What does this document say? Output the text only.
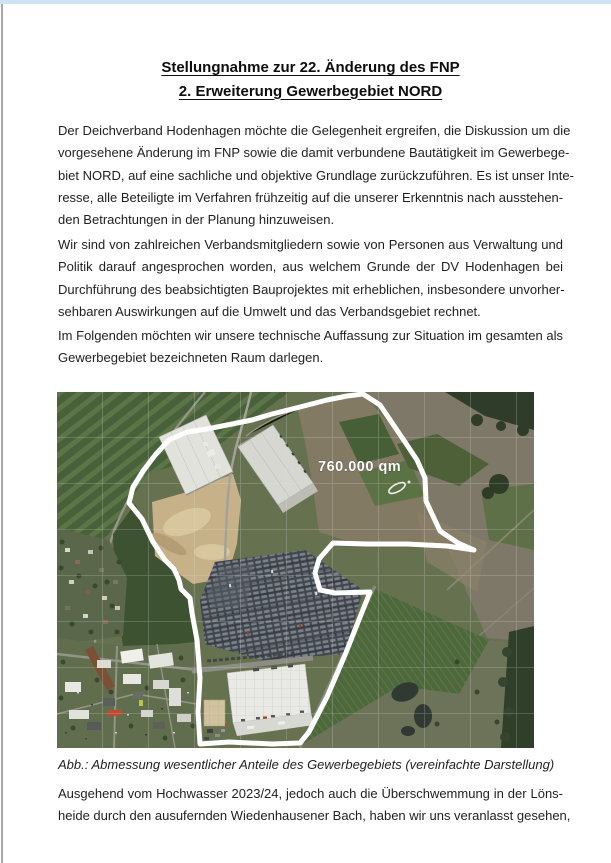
Stellungnahme zur 22. Änderung des FNP
2. Erweiterung Gewerbegebiet NORD
Der Deichverband Hodenhagen möchte die Gelegenheit ergreifen, die Diskussion um die
vorgesehene Änderung im FNP sowie die damit verbundene Bautätigkeit im Gewerbege-
biet NORD, auf eine sachliche und objektive Grundlage zurückzuführen. Es ist unser Inte-
resse, alle Beteiligte im Verfahren frühzeitig auf die unserer Erkenntnis nach ausstehen-
den Betrachtungen in der Planung hinzuweisen.
Wir sind von zahlreichen Verbandsmitgliedern sowie von Personen aus Verwaltung und
Politik darauf angesprochen worden, aus welchem Grunde der DV Hodenhagen bei
Durchführung des beabsichtigten Bauprojektes mit erheblichen, insbesondere unvorher-
sehbaren Auswirkungen auf die Umwelt und das Verbandsgebiet rechnet.
Im Folgenden möchten wir unsere technische Auffassung zur Situation im gesamten als
Gewerbegebiet bezeichneten Raum darlegen.
760.000 qm
Abb.: Abmessung wesentlicher Anteile des Gewerbegebiets (vereinfachte Darstellung)
Ausgehend vom Hochwasser 2023/24, jedoch auch die Überschwemmung in der Löns-
heide durch den ausufernden Wiedenhausener Bach, haben wir uns veranlasst gesehen,
